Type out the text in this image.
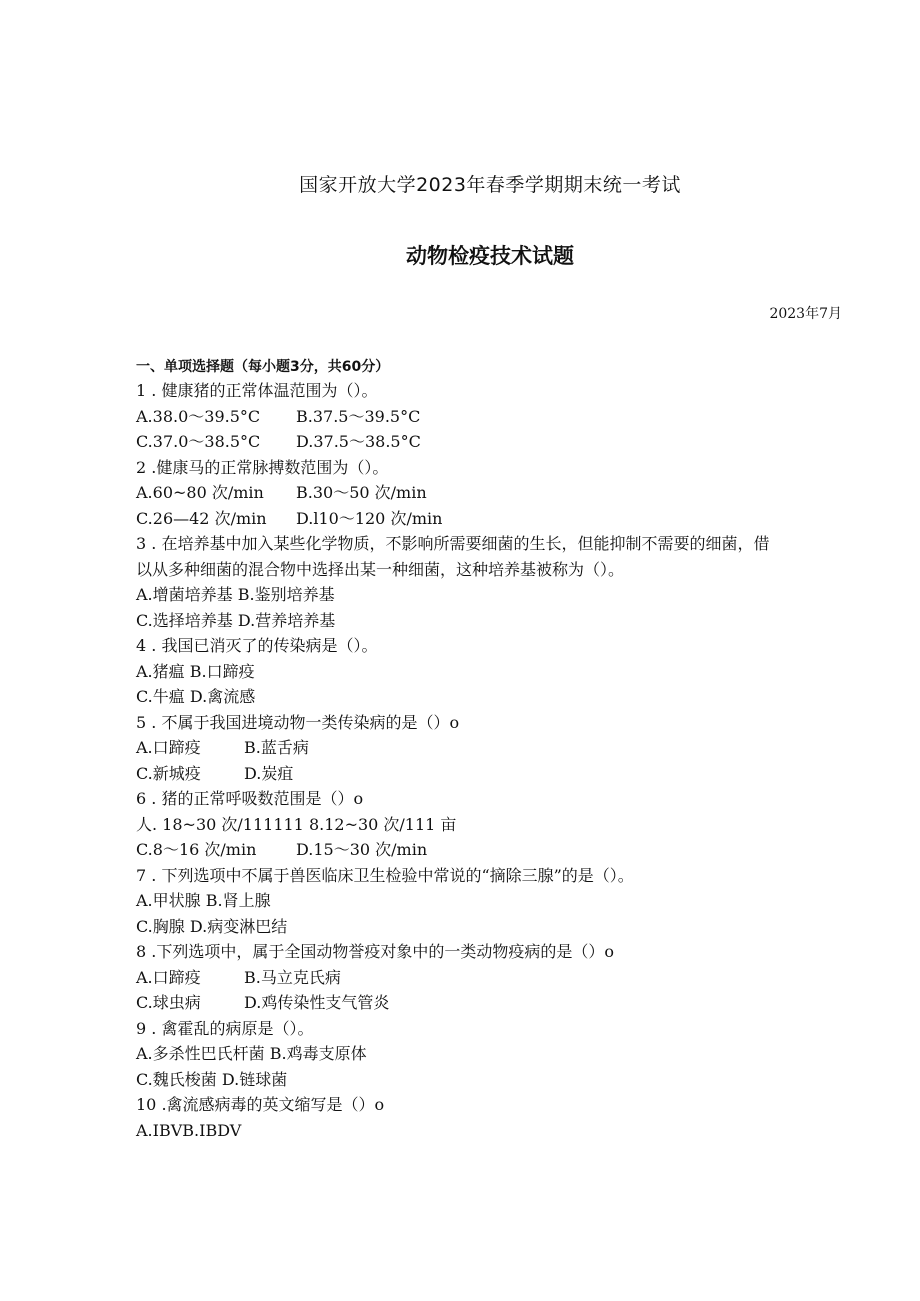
国家开放大学2023年春季学期期末统一考试
动物检疫技术试题
2023年7月
一、单项选择题（每小题3分，共60分）
1 . 健康猪的正常体温范围为（）。
A.38.0～39.5°C B.37.5～39.5°C
C.37.0～38.5°C D.37.5～38.5°C
2 .健康马的正常脉搏数范围为（）。
A.60~80 次/min B.30～50 次/min
C.26—42 次/min D.l10～120 次/min
3 . 在培养基中加入某些化学物质，不影响所需要细菌的生长，但能抑制不需要的细菌，借
以从多种细菌的混合物中选择出某一种细菌，这种培养基被称为（）。
A.增菌培养基 B.鉴别培养基
C.选择培养基 D.营养培养基
4 . 我国已消灭了的传染病是（）。
A.猪瘟 B.口蹄疫
C.牛瘟 D.禽流感
5 . 不属于我国进境动物一类传染病的是（）o
A.口蹄疫	B.蓝舌病
C.新城疫	D.炭疽
6 . 猪的正常呼吸数范围是（）o
人. 18~30 次/111111 8.12~30 次/111 亩
C.8～16 次/min D.15～30 次/min
7 . 下列选项中不属于兽医临床卫生检验中常说的“摘除三腺”的是（）。
A.甲状腺 B.肾上腺
C.胸腺 D.病变淋巴结
8 .下列选项中，属于全国动物誉疫对象中的一类动物疫病的是（）o
A.口蹄疫	B.马立克氏病
C.球虫病	D.鸡传染性支气管炎
9 . 禽霍乱的病原是（）。
A.多杀性巴氏杆菌 B.鸡毒支原体
C.魏氏梭菌 D.链球菌
10 .禽流感病毒的英文缩写是（）o
A.IBVB.IBDV
